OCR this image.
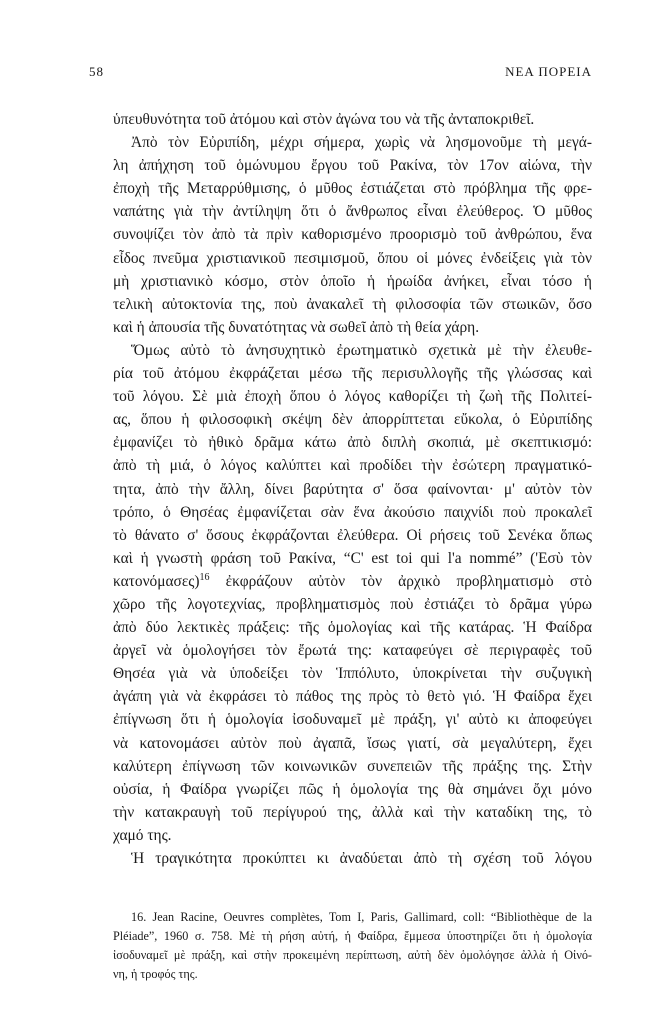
58	ΝΕΑ ΠΟΡΕΙΑ
ὑπευθυνότητα τοῦ ἀτόμου καὶ στὸν ἀγώνα του νὰ τῆς ἀνταποκριθεῖ.
Ἀπὸ τὸν Εὐριπίδη, μέχρι σήμερα, χωρὶς νὰ λησμονοῦμε τὴ μεγά-
λη ἀπήχηση τοῦ ὁμώνυμου ἔργου τοῦ Ρακίνα, τὸν 17ον αἰώνα, τὴν
ἐποχὴ τῆς Μεταρρύθμισης, ὁ μῦθος ἐστιάζεται στὸ πρόβλημα τῆς φρε-
ναπάτης γιὰ τὴν ἀντίληψη ὅτι ὁ ἄνθρωπος εἶναι ἐλεύθερος. Ὁ μῦθος
συνοψίζει τὸν ἀπὸ τὰ πρὶν καθορισμένο προορισμὸ τοῦ ἀνθρώπου, ἕνα
εἶδος πνεῦμα χριστιανικοῦ πεσιμισμοῦ, ὅπου οἱ μόνες ἐνδείξεις γιὰ τὸν
μὴ χριστιανικὸ κόσμο, στὸν ὁποῖο ἡ ἡρωίδα ἀνήκει, εἶναι τόσο ἡ
τελικὴ αὐτοκτονία της, ποὺ ἀνακαλεῖ τὴ φιλοσοφία τῶν στωικῶν, ὅσο
καὶ ἡ ἀπουσία τῆς δυνατότητας νὰ σωθεῖ ἀπὸ τὴ θεία χάρη.
Ὅμως αὐτὸ τὸ ἀνησυχητικὸ ἐρωτηματικὸ σχετικὰ μὲ τὴν ἐλευθε-
ρία τοῦ ἀτόμου ἐκφράζεται μέσω τῆς περισυλλογῆς τῆς γλώσσας καὶ
τοῦ λόγου. Σὲ μιὰ ἐποχὴ ὅπου ὁ λόγος καθορίζει τὴ ζωὴ τῆς Πολιτεί-
ας, ὅπου ἡ φιλοσοφικὴ σκέψη δὲν ἀπορρίπτεται εὔκολα, ὁ Εὐριπίδης
ἐμφανίζει τὸ ἠθικὸ δρᾶμα κάτω ἀπὸ διπλὴ σκοπιά, μὲ σκεπτικισμό:
ἀπὸ τὴ μιά, ὁ λόγος καλύπτει καὶ προδίδει τὴν ἐσώτερη πραγματικό-
τητα, ἀπὸ τὴν ἄλλη, δίνει βαρύτητα σ' ὅσα φαίνονται· μ' αὐτὸν τὸν
τρόπο, ὁ Θησέας ἐμφανίζεται σὰν ἕνα ἀκούσιο παιχνίδι ποὺ προκαλεῖ
τὸ θάνατο σ' ὅσους ἐκφράζονται ἐλεύθερα. Οἱ ρήσεις τοῦ Σενέκα ὅπως
καὶ ἡ γνωστὴ φράση τοῦ Ρακίνα, “C' est toi qui l'a nommé” ('Εσὺ τὸν
κατονόμασες)$^{16}$ ἐκφράζουν αὐτὸν τὸν ἀρχικὸ προβληματισμὸ στὸ
χῶρο τῆς λογοτεχνίας, προβληματισμὸς ποὺ ἐστιάζει τὸ δρᾶμα γύρω
ἀπὸ δύο λεκτικὲς πράξεις: τῆς ὁμολογίας καὶ τῆς κατάρας. Ἡ Φαίδρα
ἀργεῖ νὰ ὁμολογήσει τὸν ἔρωτά της: καταφεύγει σὲ περιγραφὲς τοῦ
Θησέα γιὰ νὰ ὑποδείξει τὸν Ἱππόλυτο, ὑποκρίνεται τὴν συζυγικὴ
ἀγάπη γιὰ νὰ ἐκφράσει τὸ πάθος της πρὸς τὸ θετὸ γιό. Ἡ Φαίδρα ἔχει
ἐπίγνωση ὅτι ἡ ὁμολογία ἰσοδυναμεῖ μὲ πράξη, γι' αὐτὸ κι ἀποφεύγει
νὰ κατονομάσει αὐτὸν ποὺ ἀγαπᾶ, ἴσως γιατί, σὰ μεγαλύτερη, ἔχει
καλύτερη ἐπίγνωση τῶν κοινωνικῶν συνεπειῶν τῆς πράξης της. Στὴν
οὐσία, ἡ Φαίδρα γνωρίζει πῶς ἡ ὁμολογία της θὰ σημάνει ὄχι μόνο
τὴν κατακραυγὴ τοῦ περίγυρού της, ἀλλὰ καὶ τὴν καταδίκη της, τὸ
χαμό της.
Ἡ τραγικότητα προκύπτει κι ἀναδύεται ἀπὸ τὴ σχέση τοῦ λόγου
16. Jean Racine, Oeuvres complètes, Tom I, Paris, Gallimard, coll: “Bibliothèque de la
Pléiade”, 1960 σ. 758. Μὲ τὴ ρήση αὐτή, ἡ Φαίδρα, ἔμμεσα ὑποστηρίζει ὅτι ἡ ὁμολογία
ἰσοδυναμεῖ μὲ πράξη, καὶ στὴν προκειμένη περίπτωση, αὐτὴ δὲν ὁμολόγησε ἀλλὰ ἡ Οἰνό-
νη, ἡ τροφός της.
